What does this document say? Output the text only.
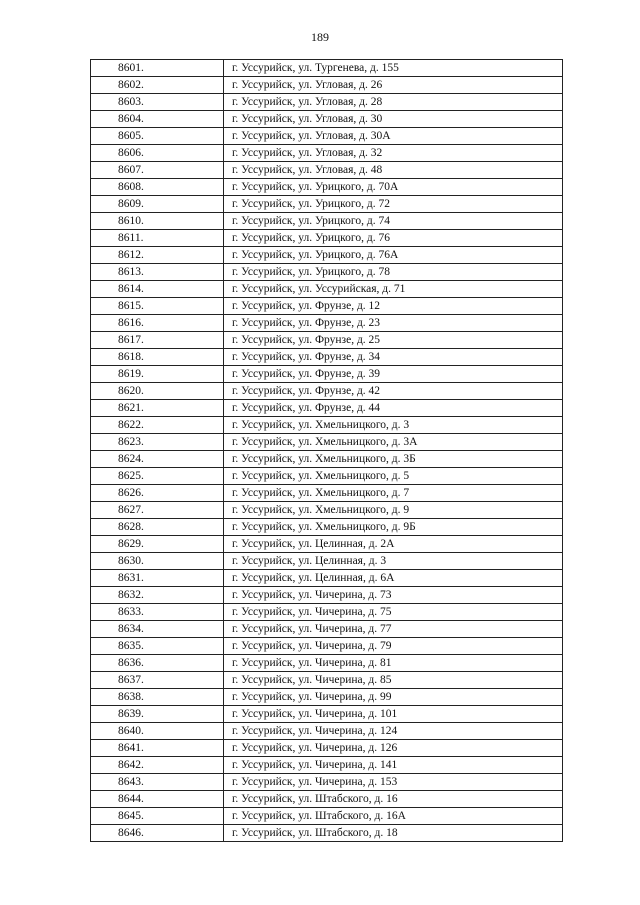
189
8601.	г. Уссурийск, ул. Тургенева, д. 155
8602.	г. Уссурийск, ул. Угловая, д. 26
8603.	г. Уссурийск, ул. Угловая, д. 28
8604.	г. Уссурийск, ул. Угловая, д. 30
8605.	г. Уссурийск, ул. Угловая, д. 30А
8606.	г. Уссурийск, ул. Угловая, д. 32
8607.	г. Уссурийск, ул. Угловая, д. 48
8608.	г. Уссурийск, ул. Урицкого, д. 70А
8609.	г. Уссурийск, ул. Урицкого, д. 72
8610.	г. Уссурийск, ул. Урицкого, д. 74
8611.	г. Уссурийск, ул. Урицкого, д. 76
8612.	г. Уссурийск, ул. Урицкого, д. 76А
8613.	г. Уссурийск, ул. Урицкого, д. 78
8614.	г. Уссурийск, ул. Уссурийская, д. 71
8615.	г. Уссурийск, ул. Фрунзе, д. 12
8616.	г. Уссурийск, ул. Фрунзе, д. 23
8617.	г. Уссурийск, ул. Фрунзе, д. 25
8618.	г. Уссурийск, ул. Фрунзе, д. 34
8619.	г. Уссурийск, ул. Фрунзе, д. 39
8620.	г. Уссурийск, ул. Фрунзе, д. 42
8621.	г. Уссурийск, ул. Фрунзе, д. 44
8622.	г. Уссурийск, ул. Хмельницкого, д. 3
8623.	г. Уссурийск, ул. Хмельницкого, д. 3А
8624.	г. Уссурийск, ул. Хмельницкого, д. 3Б
8625.	г. Уссурийск, ул. Хмельницкого, д. 5
8626.	г. Уссурийск, ул. Хмельницкого, д. 7
8627.	г. Уссурийск, ул. Хмельницкого, д. 9
8628.	г. Уссурийск, ул. Хмельницкого, д. 9Б
8629.	г. Уссурийск, ул. Целинная, д. 2А
8630.	г. Уссурийск, ул. Целинная, д. 3
8631.	г. Уссурийск, ул. Целинная, д. 6А
8632.	г. Уссурийск, ул. Чичерина, д. 73
8633.	г. Уссурийск, ул. Чичерина, д. 75
8634.	г. Уссурийск, ул. Чичерина, д. 77
8635.	г. Уссурийск, ул. Чичерина, д. 79
8636.	г. Уссурийск, ул. Чичерина, д. 81
8637.	г. Уссурийск, ул. Чичерина, д. 85
8638.	г. Уссурийск, ул. Чичерина, д. 99
8639.	г. Уссурийск, ул. Чичерина, д. 101
8640.	г. Уссурийск, ул. Чичерина, д. 124
8641.	г. Уссурийск, ул. Чичерина, д. 126
8642.	г. Уссурийск, ул. Чичерина, д. 141
8643.	г. Уссурийск, ул. Чичерина, д. 153
8644.	г. Уссурийск, ул. Штабского, д. 16
8645.	г. Уссурийск, ул. Штабского, д. 16А
8646.	г. Уссурийск, ул. Штабского, д. 18
